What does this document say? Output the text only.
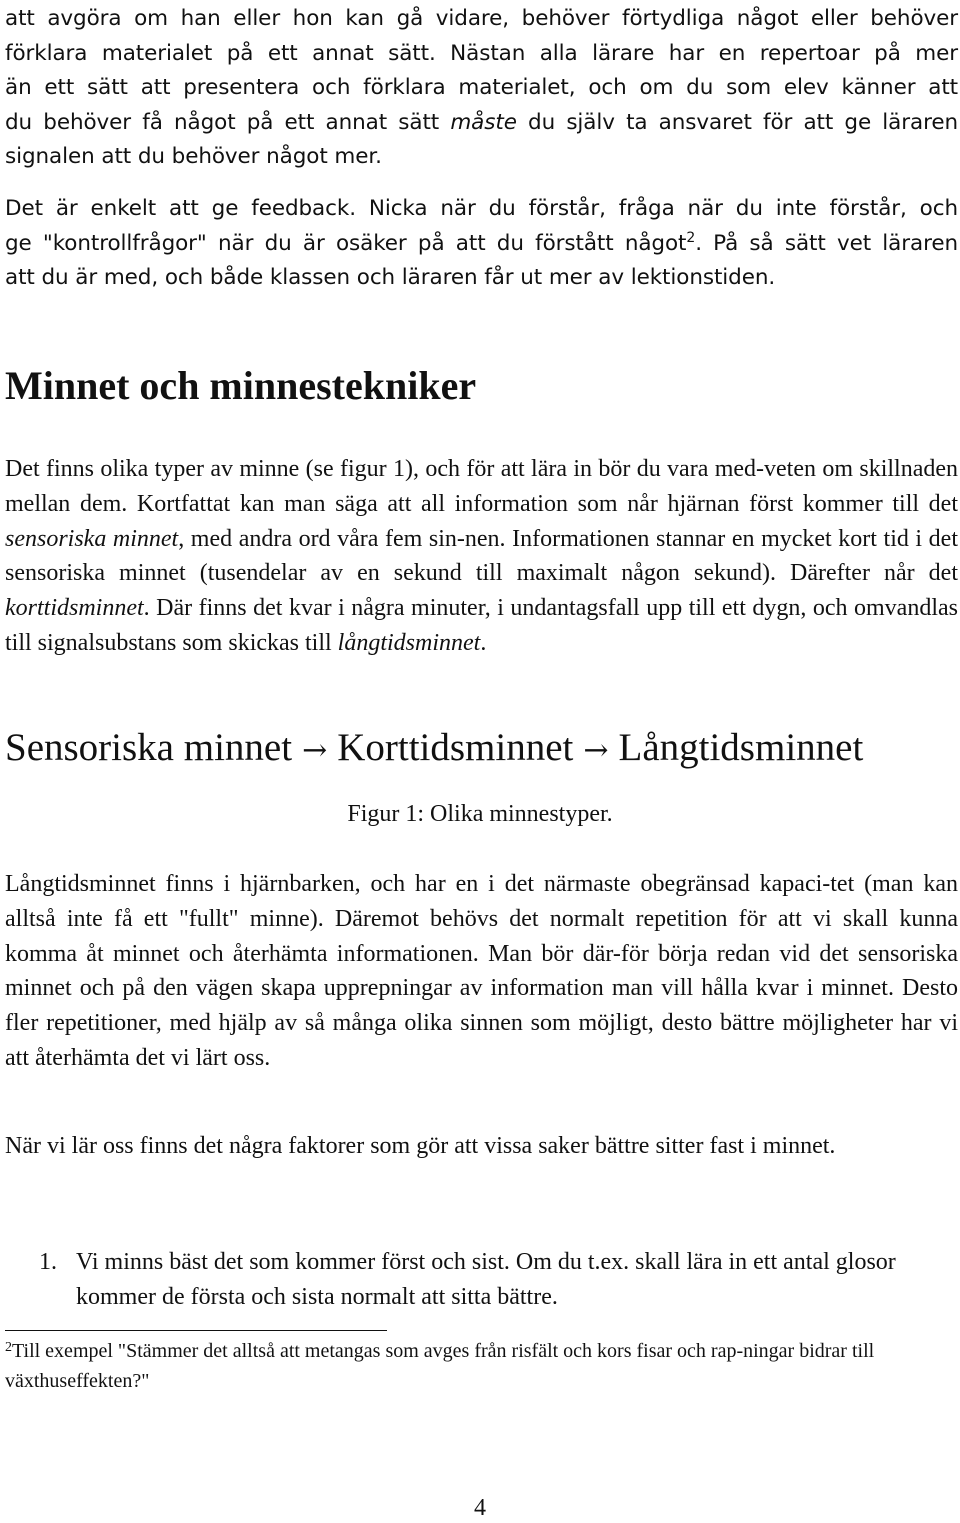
att avgöra om han eller hon kan gå vidare, behöver förtydliga något eller behöver
förklara materialet på ett annat sätt. Nästan alla lärare har en repertoar på mer
än ett sätt att presentera och förklara materialet, och om du som elev känner att
du behöver få något på ett annat sätt måste du själv ta ansvaret för att ge läraren
signalen att du behöver något mer.
Det är enkelt att ge feedback. Nicka när du förstår, fråga när du inte förstår, och
ge "kontrollfrågor" när du är osäker på att du förstått något$^2$. På så sätt vet läraren
att du är med, och både klassen och läraren får ut mer av lektionstiden.
Minnet och minnestekniker

Det finns olika typer av minne (se figur 1), och för att lära in bör du vara med-veten om skillnaden mellan dem. Kortfattat kan man säga att all information som når hjärnan först kommer till det sensoriska minnet, med andra ord våra fem sin-nen. Informationen stannar en mycket kort tid i det sensoriska minnet (tusendelar av en sekund till maximalt någon sekund). Därefter når det korttidsminnet. Där finns det kvar i några minuter, i undantagsfall upp till ett dygn, och omvandlas till signalsubstans som skickas till långtidsminnet.

Sensoriska minnet → Korttidsminnet → Långtidsminnet
Figur 1: Olika minnestyper.

Långtidsminnet finns i hjärnbarken, och har en i det närmaste obegränsad kapaci-tet (man kan alltså inte få ett "fullt" minne). Däremot behövs det normalt repetition för att vi skall kunna komma åt minnet och återhämta informationen. Man bör där-för börja redan vid det sensoriska minnet och på den vägen skapa upprepningar av information man vill hålla kvar i minnet. Desto fler repetitioner, med hjälp av så många olika sinnen som möjligt, desto bättre möjligheter har vi att återhämta det vi lärt oss.

När vi lär oss finns det några faktorer som gör att vissa saker bättre sitter fast i minnet.

1. Vi minns bäst det som kommer först och sist. Om du t.ex. skall lära in ett antal glosor kommer de första och sista normalt att sitta bättre.
$^2$Till exempel "Stämmer det alltså att metangas som avges från risfält och kors fisar och rap-ningar bidrar till växthuseffekten?"
4
